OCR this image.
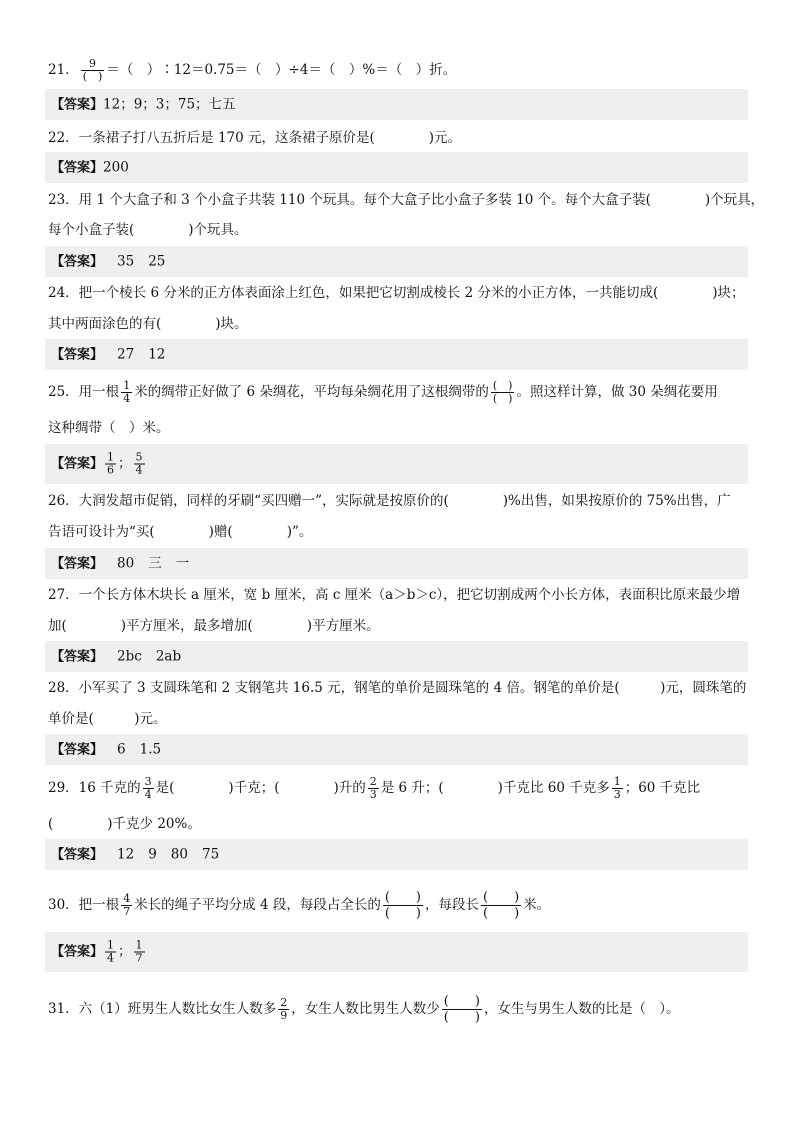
21． $\frac{9}{( )}$ ＝（　）∶12＝0.75＝（　）÷4＝（　）%＝（　）折。
【答案】12；9；3；75；七五
22．一条裙子打八五折后是 170 元，这条裙子原价是(　　　　)元。
【答案】200
23．用 1 个大盒子和 3 个小盒子共装 110 个玩具。每个大盒子比小盒子多装 10 个。每个大盒子装(　　　　)个玩具，
每个小盒子装(　　　　)个玩具。
【答案】 35 25
24．把一个棱长 6 分米的正方体表面涂上红色，如果把它切割成棱长 2 分米的小正方体，一共能切成(　　　　)块；
其中两面涂色的有(　　　　)块。
【答案】 27 12
25．用一根 $\frac{1}{4}$ 米的绸带正好做了 6 朵绸花，平均每朵绸花用了这根绸带的 $\frac{( )}{( )}$ 。照这样计算，做 30 朵绸花要用
这种绸带（　）米。
【答案】 $\frac{1}{6}$ ； $\frac{5}{4}$
26．大润发超市促销，同样的牙刷“买四赠一”，实际就是按原价的(　　　　)%出售，如果按原价的 75%出售，广
告语可设计为“买(　　　　)赠(　　　　)”。
【答案】 80 三 一
27．一个长方体木块长 a 厘米，宽 b 厘米，高 c 厘米（a＞b＞c），把它切割成两个小长方体，表面积比原来最少增
加(　　　　)平方厘米，最多增加(　　　　)平方厘米。
【答案】 2bc 2ab
28．小军买了 3 支圆珠笔和 2 支钢笔共 16.5 元，钢笔的单价是圆珠笔的 4 倍。钢笔的单价是(　　　)元，圆珠笔的
单价是(　　　)元。
【答案】 6 1.5
29．16 千克的 $\frac{3}{4}$ 是(　　　　)千克；(　　　　)升的 $\frac{2}{3}$ 是 6 升；(　　　　)千克比 60 千克多 $\frac{1}{3}$ ；60 千克比
(　　　　)千克少 20%。
【答案】 12 9 80 75
30．把一根 $\frac{4}{7}$ 米长的绳子平均分成 4 段，每段占全长的 $\frac{( )}{( )}$ ，每段长 $\frac{( )}{( )}$ 米。
【答案】 $\frac{1}{4}$ ； $\frac{1}{7}$
31．六（1）班男生人数比女生人数多 $\frac{2}{9}$ ，女生人数比男生人数少 $\frac{( )}{( )}$ ，女生与男生人数的比是（　）。
